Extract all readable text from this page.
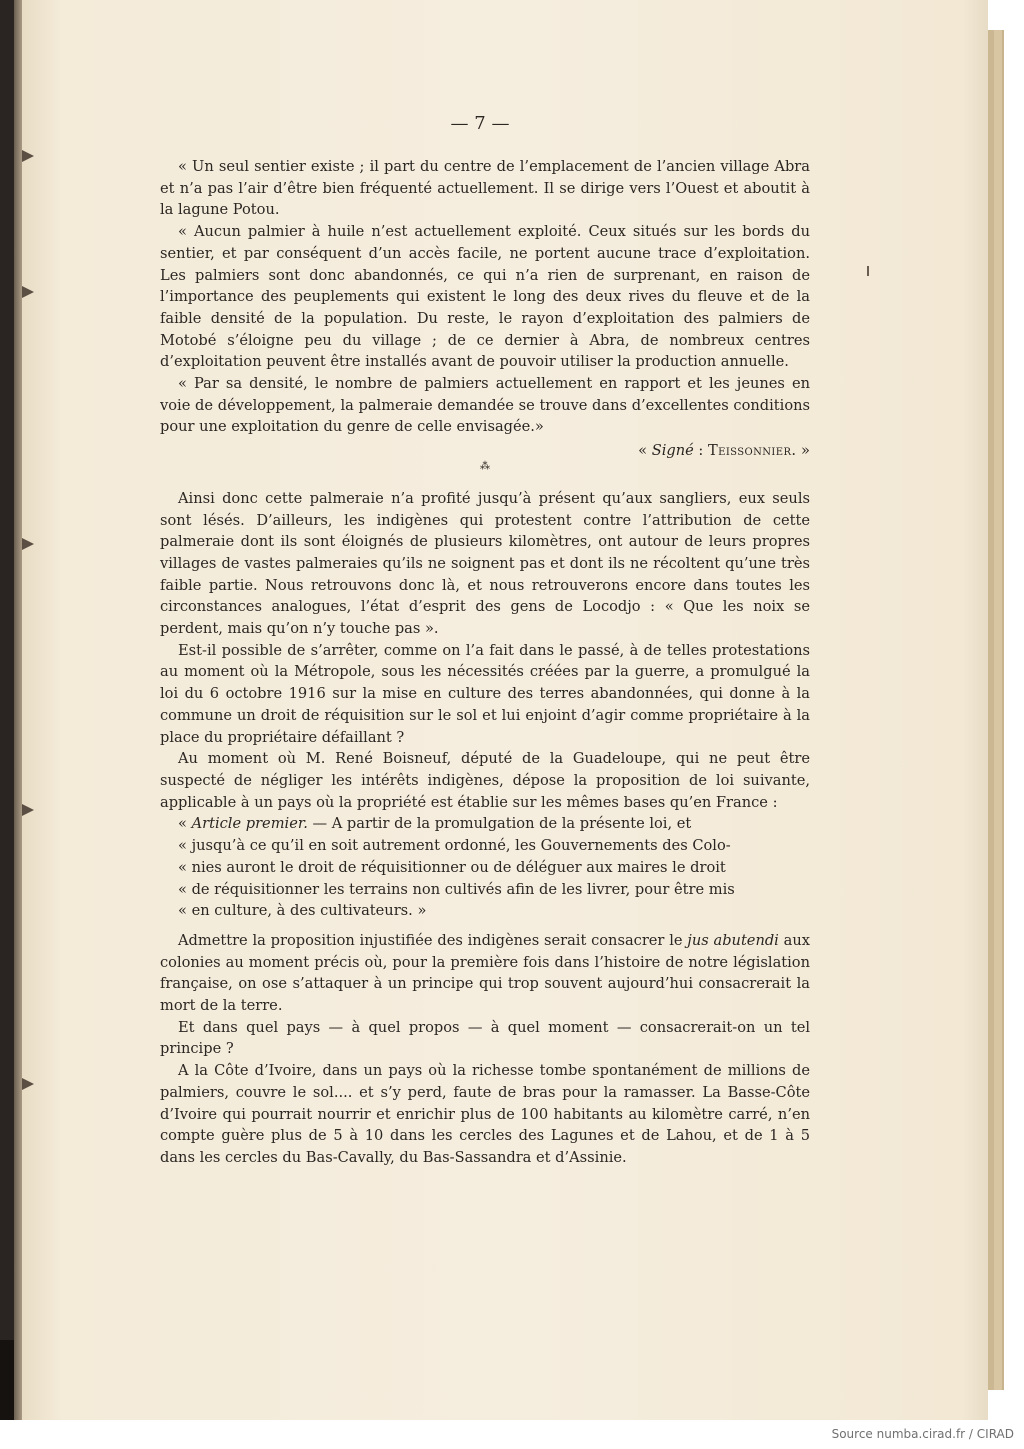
— 7 —

« Un seul sentier existe ; il part du centre de l’emplacement de l’ancien village Abra et n’a pas l’air d’être bien fréquenté actuellement. Il se dirige vers l’Ouest et aboutit à la lagune Potou.

« Aucun palmier à huile n’est actuellement exploité. Ceux situés sur les bords du sentier, et par conséquent d’un accès facile, ne portent aucune trace d’exploitation. Les palmiers sont donc abandonnés, ce qui n’a rien de surprenant, en raison de l’importance des peuplements qui existent le long des deux rives du fleuve et de la faible densité de la population. Du reste, le rayon d’exploitation des palmiers de Motobé s’éloigne peu du village ; de ce dernier à Abra, de nombreux centres d’exploitation peuvent être installés avant de pouvoir utiliser la production annuelle.

« Par sa densité, le nombre de palmiers actuellement en rapport et les jeunes en voie de développement, la palmeraie demandée se trouve dans d’excellentes conditions pour une exploitation du genre de celle envisagée.»

« Signé : Teissonnier. »

⁂

Ainsi donc cette palmeraie n’a profité jusqu’à présent qu’aux sangliers, eux seuls sont lésés. D’ailleurs, les indigènes qui protestent contre l’attribution de cette palmeraie dont ils sont éloignés de plusieurs kilomètres, ont autour de leurs propres villages de vastes palmeraies qu’ils ne soignent pas et dont ils ne récoltent qu’une très faible partie. Nous retrouvons donc là, et nous retrouverons encore dans toutes les circonstances analogues, l’état d’esprit des gens de Locodjo : « Que les noix se perdent, mais qu’on n’y touche pas ».

Est-il possible de s’arrêter, comme on l’a fait dans le passé, à de telles protestations au moment où la Métropole, sous les nécessités créées par la guerre, a promulgué la loi du 6 octobre 1916 sur la mise en culture des terres abandonnées, qui donne à la commune un droit de réquisition sur le sol et lui enjoint d’agir comme propriétaire à la place du propriétaire défaillant ?

Au moment où M. René Boisneuf, député de la Guadeloupe, qui ne peut être suspecté de négliger les intérêts indigènes, dépose la proposition de loi suivante, applicable à un pays où la propriété est établie sur les mêmes bases qu’en France :

« Article premier. — A partir de la promulgation de la présente loi, et

« jusqu’à ce qu’il en soit autrement ordonné, les Gouvernements des Colo-

« nies auront le droit de réquisitionner ou de déléguer aux maires le droit

« de réquisitionner les terrains non cultivés afin de les livrer, pour être mis

« en culture, à des cultivateurs. »

Admettre la proposition injustifiée des indigènes serait consacrer le jus abutendi aux colonies au moment précis où, pour la première fois dans l’histoire de notre législation française, on ose s’attaquer à un principe qui trop souvent aujourd’hui consacrerait la mort de la terre.

Et dans quel pays — à quel propos — à quel moment — consacrerait-on un tel principe ?

A la Côte d’Ivoire, dans un pays où la richesse tombe spontanément de millions de palmiers, couvre le sol.... et s’y perd, faute de bras pour la ramasser. La Basse-Côte d’Ivoire qui pourrait nourrir et enrichir plus de 100 habitants au kilomètre carré, n’en compte guère plus de 5 à 10 dans les cercles des Lagunes et de Lahou, et de 1 à 5 dans les cercles du Bas-Cavally, du Bas-Sassandra et d’Assinie.

Source numba.cirad.fr / CIRAD
